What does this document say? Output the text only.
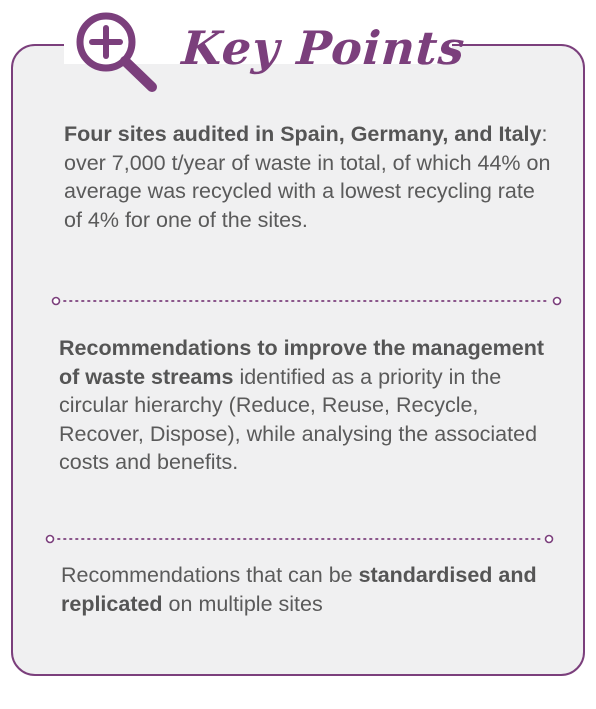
Key Points
Four sites audited in Spain, Germany, and Italy: over 7,000 t/year of waste in total, of which 44% on average was recycled with a lowest recycling rate of 4% for one of the sites.
Recommendations to improve the management of waste streams identified as a priority in the circular hierarchy (Reduce, Reuse, Recycle, Recover, Dispose), while analysing the associated costs and benefits.
Recommendations that can be standardised and replicated on multiple sites
